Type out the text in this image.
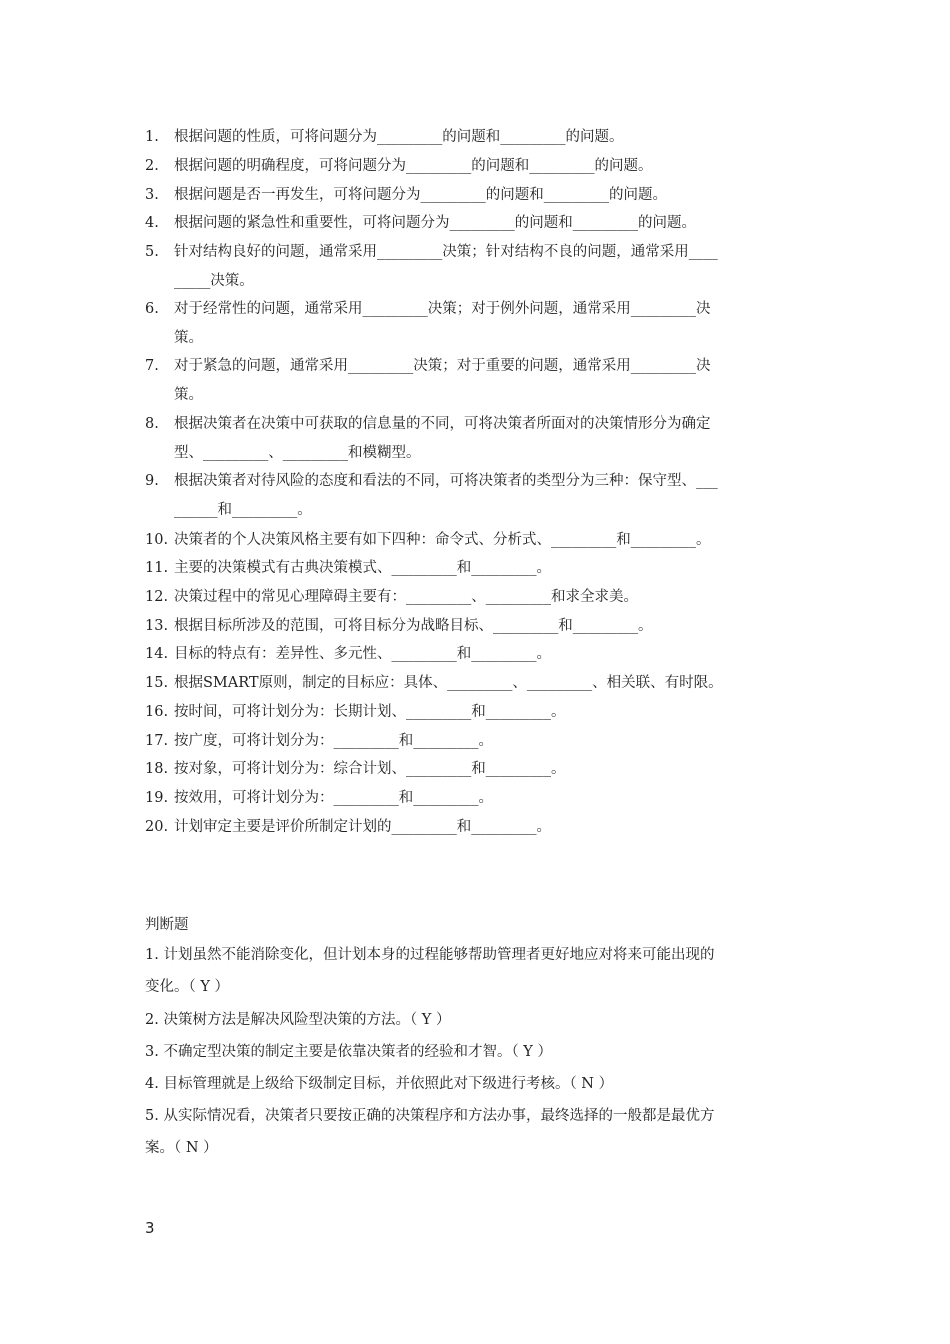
1. 根据问题的性质，可将问题分为_________的问题和_________的问题。
2. 根据问题的明确程度，可将问题分为_________的问题和_________的问题。
3. 根据问题是否一再发生，可将问题分为_________的问题和_________的问题。
4. 根据问题的紧急性和重要性，可将问题分为_________的问题和_________的问题。
5. 针对结构良好的问题，通常采用_________决策；针对结构不良的问题，通常采用____
_____决策。
6. 对于经常性的问题，通常采用_________决策；对于例外问题，通常采用_________决
策。
7. 对于紧急的问题，通常采用_________决策；对于重要的问题，通常采用_________决
策。
8. 根据决策者在决策中可获取的信息量的不同，可将决策者所面对的决策情形分为确定
型、_________、_________和模糊型。
9. 根据决策者对待风险的态度和看法的不同，可将决策者的类型分为三种：保守型、___
______和_________。
10. 决策者的个人决策风格主要有如下四种：命令式、分析式、_________和_________。
11. 主要的决策模式有古典决策模式、_________和_________。
12. 决策过程中的常见心理障碍主要有：_________、_________和求全求美。
13. 根据目标所涉及的范围，可将目标分为战略目标、_________和_________。
14. 目标的特点有：差异性、多元性、_________和_________。
15. 根据SMART原则，制定的目标应：具体、_________、_________、相关联、有时限。
16. 按时间，可将计划分为：长期计划、_________和_________。
17. 按广度，可将计划分为：_________和_________。
18. 按对象，可将计划分为：综合计划、_________和_________。
19. 按效用，可将计划分为：_________和_________。
20. 计划审定主要是评价所制定计划的_________和_________。
判断题
1. 计划虽然不能消除变化，但计划本身的过程能够帮助管理者更好地应对将来可能出现的
变化。（ Y ）
2. 决策树方法是解决风险型决策的方法。（ Y ）
3. 不确定型决策的制定主要是依靠决策者的经验和才智。（ Y ）
4. 目标管理就是上级给下级制定目标，并依照此对下级进行考核。（ N ）
5. 从实际情况看，决策者只要按正确的决策程序和方法办事，最终选择的一般都是最优方
案。（ N ）
3
